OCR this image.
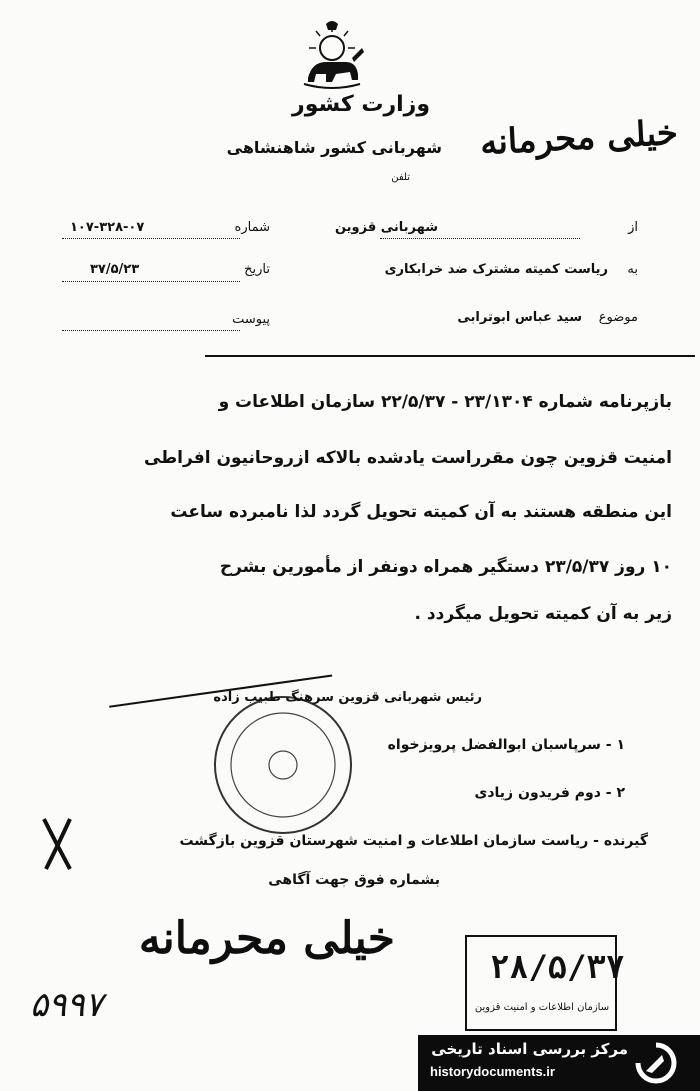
وزارت کشور
شهربانی کشور شاهنشاهی
تلفن
خیلی محرمانه
از
شهربانی قزوین
شماره
۱۰۷-۳۲۸-۰۷
به
ریاست کمیته مشترک ضد خرابکاری
تاریخ
۳۷/۵/۲۳
موضوع
سید عباس ابوترابی
پیوست
بازپرنامه شماره ۲۳/۱۳۰۴ - ۲۲/۵/۳۷ سازمان اطلاعات و
امنیت قزوین چون مقرراست یادشده بالاکه ازروحانیون افراطی
این منطقه هستند به آن کمیته تحویل گردد لذا نامبرده ساعت
۱۰ روز ۲۳/۵/۳۷ دستگیر همراه دونفر از مأمورین بشرح
زیر به آن کمیته تحویل میگردد .
رئیس شهربانی قزوین سرهنگ طبیب زاده
۱ - سرپاسبان ابوالفضل پرویزخواه
۲ - دوم فریدون زیادی
گیرنده - ریاست سازمان اطلاعات و امنیت شهرستان قزوین بازگشت
بشماره فوق جهت آگاهی
خیلی محرمانه
۲۸/۵/۳۷
سازمان اطلاعات و امنیت قزوین
۵۹۹۷
مرکز بررسی اسناد تاریخی
historydocuments.ir
